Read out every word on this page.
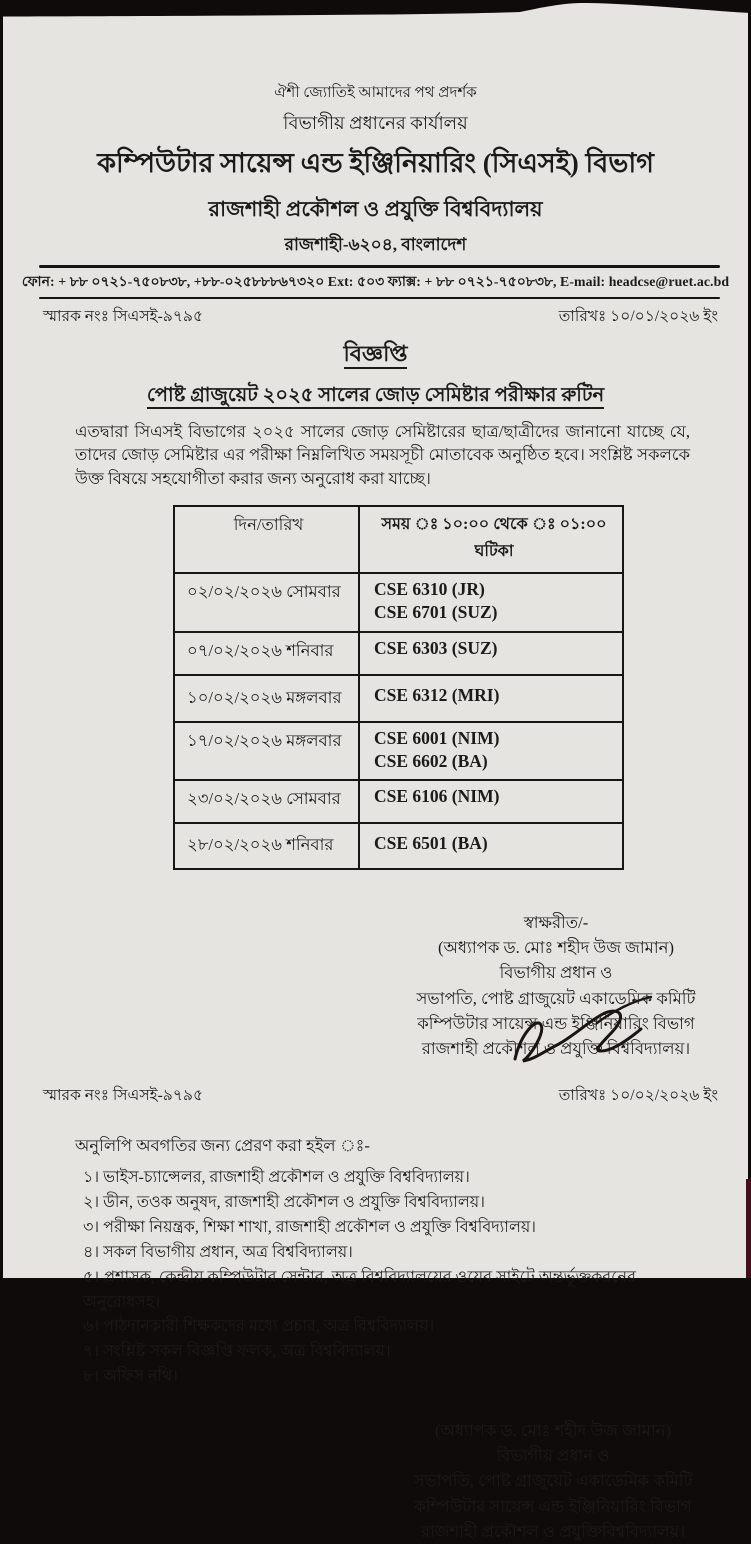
ঐশী জ্যোতিই আমাদের পথ প্রদর্শক
বিভাগীয় প্রধানের কার্যালয়
কম্পিউটার সায়েন্স এন্ড ইঞ্জিনিয়ারিং (সিএসই) বিভাগ
রাজশাহী প্রকৌশল ও প্রযুক্তি বিশ্ববিদ্যালয়
রাজশাহী-৬২০৪, বাংলাদেশ
ফোন: + ৮৮ ০৭২১-৭৫০৮৩৮, +৮৮-০২৫৮৮৮৬৭৩২০ Ext: ৫০৩ ফ্যাক্স: + ৮৮ ০৭২১-৭৫০৮৩৮, E-mail: headcse@ruet.ac.bd
স্মারক নংঃ সিএসই-৯৭৯৫	তারিখঃ ১০/০১/২০২৬ ইং
বিজ্ঞপ্তি
পোষ্ট গ্রাজুয়েট ২০২৫ সালের জোড় সেমিষ্টার পরীক্ষার রুটিন
এতদ্বারা সিএসই বিভাগের ২০২৫ সালের জোড় সেমিষ্টারের ছাত্র/ছাত্রীদের জানানো যাচ্ছে যে, তাদের জোড় সেমিষ্টার এর পরীক্ষা নিম্নলিখিত সময়সূচী মোতাবেক অনুষ্ঠিত হবে। সংশ্লিষ্ট সকলকে উক্ত বিষয়ে সহযোগীতা করার জন্য অনুরোধ করা যাচ্ছে।
দিন/তারিখ	সময় ঃ ১০:০০ থেকে ঃ ০১:০০ ঘটিকা
০২/০২/২০২৬ সোমবার	CSE 6310 (JR)
CSE 6701 (SUZ)

০৭/০২/২০২৬ শনিবার	CSE 6303 (SUZ)

১০/০২/২০২৬ মঙ্গলবার	CSE 6312 (MRI)

১৭/০২/২০২৬ মঙ্গলবার	CSE 6001 (NIM)
CSE 6602 (BA)

২৩/০২/২০২৬ সোমবার	CSE 6106 (NIM)

২৮/০২/২০২৬ শনিবার	CSE 6501 (BA)
স্বাক্ষরীত/-
(অধ্যাপক ড. মোঃ শহীদ উজ জামান)
বিভাগীয় প্রধান ও
সভাপতি, পোষ্ট গ্রাজুয়েট একাডেমিক কমিটি
কম্পিউটার সায়েন্স এন্ড ইঞ্জিনিয়ারিং বিভাগ
রাজশাহী প্রকৌশল ও প্রযুক্তি বিশ্ববিদ্যালয়।
স্মারক নংঃ সিএসই-৯৭৯৫	তারিখঃ ১০/০২/২০২৬ ইং
অনুলিপি অবগতির জন্য প্রেরণ করা হইল ঃ-
১। ভাইস-চ্যান্সেলর, রাজশাহী প্রকৌশল ও প্রযুক্তি বিশ্ববিদ্যালয়।
২। ডীন, তওক অনুষদ, রাজশাহী প্রকৌশল ও প্রযুক্তি বিশ্ববিদ্যালয়।
৩। পরীক্ষা নিয়ন্ত্রক, শিক্ষা শাখা, রাজশাহী প্রকৌশল ও প্রযুক্তি বিশ্ববিদ্যালয়।
৪। সকল বিভাগীয় প্রধান, অত্র বিশ্ববিদ্যালয়।
৫। প্রশাসক, কেন্দ্রীয় কম্পিউটার সেন্টার, অত্র বিশ্ববিদ্যালয়ের ওয়েব সাইটে অন্তর্ভূক্তকরনের অনুরোধসহ।
৬। পাঠদানকারী শিক্ষকদের মধ্যে প্রচার, অত্র বিশ্ববিদ্যালয়।
৭। সংশ্লিষ্ট সকল বিজ্ঞপ্তি ফলক, অত্র বিশ্ববিদ্যালয়।
৮। অফিস নথি।
(অধ্যাপক ড. মোঃ শহীদ উজ জামান)
বিভাগীয় প্রধান ও
সভাপতি, পোষ্ট গ্রাজুয়েট একাডেমিক কমিটি
কম্পিউটার সায়েন্স এন্ড ইঞ্জিনিয়ারিং বিভাগ
রাজশাহী প্রকৌশল ও প্রযুক্তিবিশ্ববিদ্যালয়।
